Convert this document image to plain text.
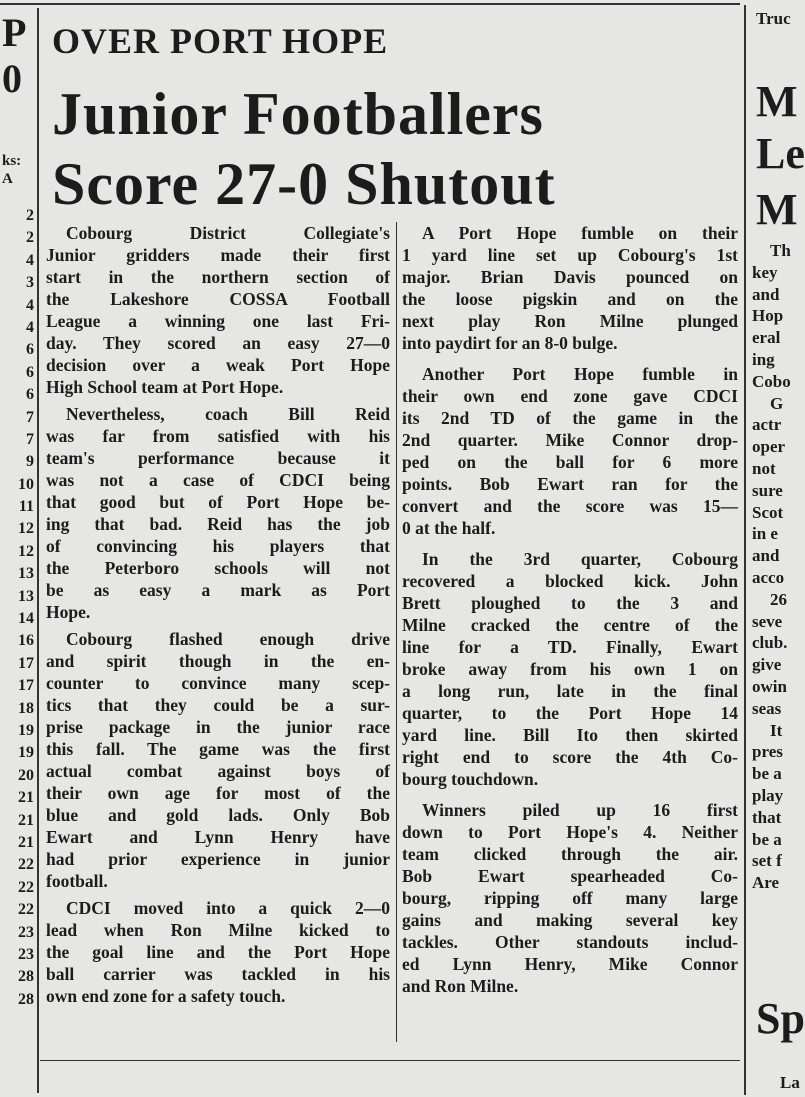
P
0
ks:
A
2
2
4
3
4
4
6
6
6
7
7
9
10
11
12
12
13
13
14
16
17
17
18
19
19
20
21
21
21
22
22
22
23
23
28
28
OVER PORT HOPE
Junior Footballers
Score 27-0 Shutout
Cobourg District Collegiate's
Junior gridders made their first
start in the northern section of
the Lakeshore COSSA Football
League a winning one last Fri-
day. They scored an easy 27—0
decision over a weak Port Hope
High School team at Port Hope.
Nevertheless, coach Bill Reid
was far from satisfied with his
team's performance because it
was not a case of CDCI being
that good but of Port Hope be-
ing that bad. Reid has the job
of convincing his players that
the Peterboro schools will not
be as easy a mark as Port
Hope.
Cobourg flashed enough drive
and spirit though in the en-
counter to convince many scep-
tics that they could be a sur-
prise package in the junior race
this fall. The game was the first
actual combat against boys of
their own age for most of the
blue and gold lads. Only Bob
Ewart and Lynn Henry have
had prior experience in junior
football.
CDCI moved into a quick 2—0
lead when Ron Milne kicked to
the goal line and the Port Hope
ball carrier was tackled in his
own end zone for a safety touch.
A Port Hope fumble on their
1 yard line set up Cobourg's 1st
major. Brian Davis pounced on
the loose pigskin and on the
next play Ron Milne plunged
into paydirt for an 8-0 bulge.
Another Port Hope fumble in
their own end zone gave CDCI
its 2nd TD of the game in the
2nd quarter. Mike Connor drop-
ped on the ball for 6 more
points. Bob Ewart ran for the
convert and the score was 15—
0 at the half.
In the 3rd quarter, Cobourg
recovered a blocked kick. John
Brett ploughed to the 3 and
Milne cracked the centre of the
line for a TD. Finally, Ewart
broke away from his own 1 on
a long run, late in the final
quarter, to the Port Hope 14
yard line. Bill Ito then skirted
right end to score the 4th Co-
bourg touchdown.
Winners piled up 16 first
down to Port Hope's 4. Neither
team clicked through the air.
Bob Ewart spearheaded Co-
bourg, ripping off many large
gains and making several key
tackles. Other standouts includ-
ed Lynn Henry, Mike Connor
and Ron Milne.
Truc
M
Le
M
Th
key
and
Hop
eral
ing
Cobo
G
actr
oper
not
sure
Scot
in e
and
acco
26
seve
club.
give
owin
seas
It
pres
be a
play
that
be a
set f
Are
Sp
La
